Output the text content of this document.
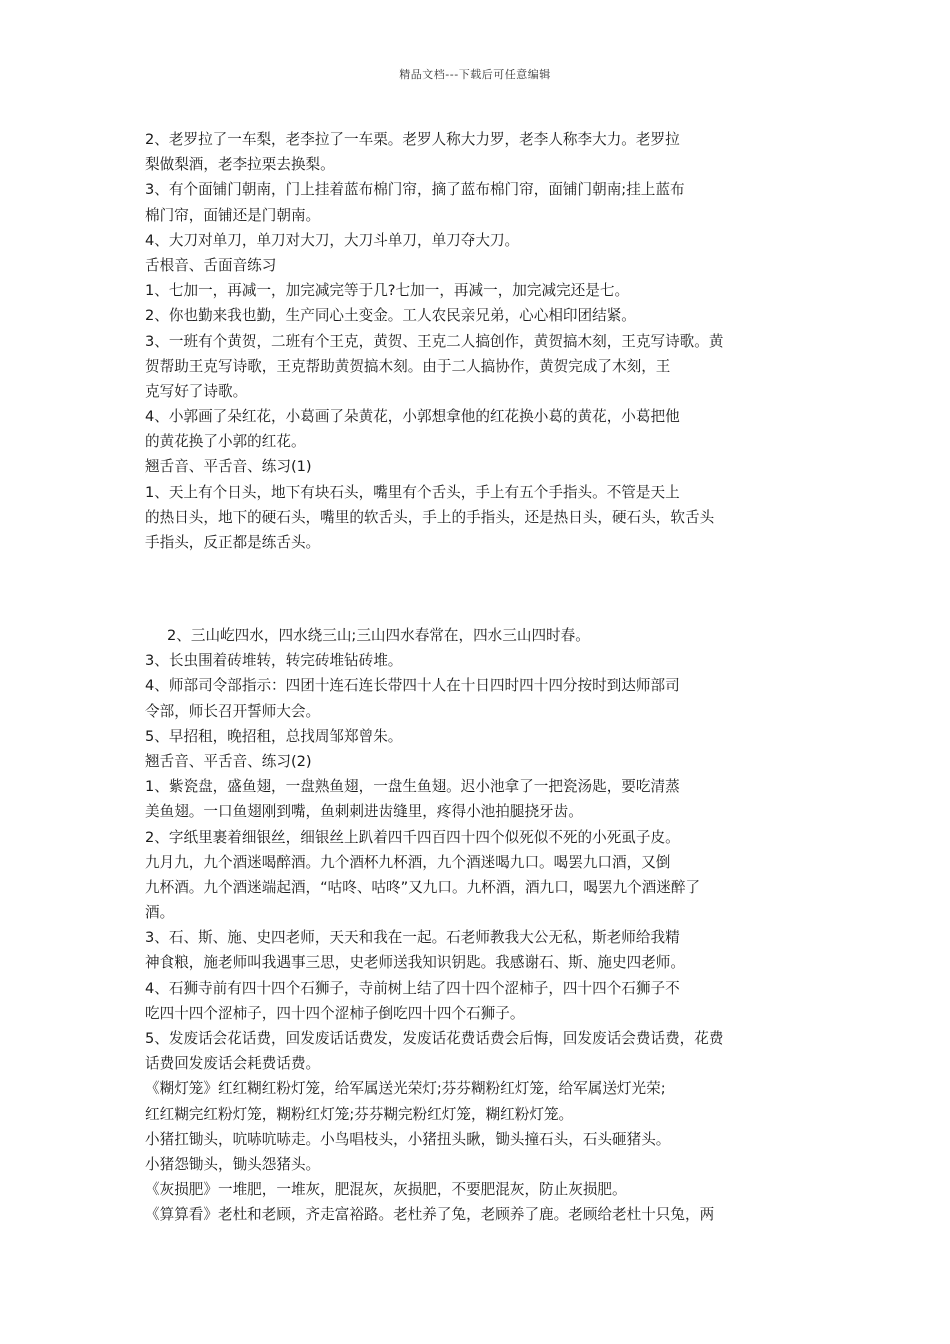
精品文档---下载后可任意编辑
2、老罗拉了一车梨，老李拉了一车栗。老罗人称大力罗，老李人称李大力。老罗拉
梨做梨酒，老李拉栗去换梨。
3、有个面铺门朝南，门上挂着蓝布棉门帘，摘了蓝布棉门帘，面铺门朝南;挂上蓝布
棉门帘，面铺还是门朝南。
4、大刀对单刀，单刀对大刀，大刀斗单刀，单刀夺大刀。
舌根音、舌面音练习
1、七加一，再减一，加完减完等于几?七加一，再减一，加完减完还是七。
2、你也勤来我也勤，生产同心土变金。工人农民亲兄弟，心心相印团结紧。
3、一班有个黄贺，二班有个王克，黄贺、王克二人搞创作，黄贺搞木刻，王克写诗歌。黄
贺帮助王克写诗歌，王克帮助黄贺搞木刻。由于二人搞协作，黄贺完成了木刻，王
克写好了诗歌。
4、小郭画了朵红花，小葛画了朵黄花，小郭想拿他的红花换小葛的黄花，小葛把他
的黄花换了小郭的红花。
翘舌音、平舌音、练习(1)
1、天上有个日头，地下有块石头，嘴里有个舌头，手上有五个手指头。不管是天上
的热日头，地下的硬石头，嘴里的软舌头，手上的手指头，还是热日头，硬石头，软舌头
手指头，反正都是练舌头。
2、三山屹四水，四水绕三山;三山四水春常在，四水三山四时春。
3、长虫围着砖堆转，转完砖堆钻砖堆。
4、师部司令部指示：四团十连石连长带四十人在十日四时四十四分按时到达师部司
令部，师长召开誓师大会。
5、早招租，晚招租，总找周邹郑曾朱。
翘舌音、平舌音、练习(2)
1、紫瓷盘，盛鱼翅，一盘熟鱼翅，一盘生鱼翅。迟小池拿了一把瓷汤匙，要吃清蒸
美鱼翅。一口鱼翅刚到嘴，鱼刺刺进齿缝里，疼得小池拍腿挠牙齿。
2、字纸里裹着细银丝，细银丝上趴着四千四百四十四个似死似不死的小死虱子皮。
九月九，九个酒迷喝醉酒。九个酒杯九杯酒，九个酒迷喝九口。喝罢九口酒，又倒
九杯酒。九个酒迷端起酒，“咕咚、咕咚”又九口。九杯酒，酒九口，喝罢九个酒迷醉了
酒。
3、石、斯、施、史四老师，天天和我在一起。石老师教我大公无私，斯老师给我精
神食粮，施老师叫我遇事三思，史老师送我知识钥匙。我感谢石、斯、施史四老师。
4、石狮寺前有四十四个石狮子，寺前树上结了四十四个涩柿子，四十四个石狮子不
吃四十四个涩柿子，四十四个涩柿子倒吃四十四个石狮子。
5、发废话会花话费，回发废话话费发，发废话花费话费会后悔，回发废话会费话费，花费
话费回发废话会耗费话费。
《糊灯笼》红红糊红粉灯笼，给军属送光荣灯;芬芬糊粉红灯笼，给军属送灯光荣;
红红糊完红粉灯笼，糊粉红灯笼;芬芬糊完粉红灯笼，糊红粉灯笼。
小猪扛锄头，吭哧吭哧走。小鸟唱枝头，小猪扭头瞅，锄头撞石头，石头砸猪头。
小猪怨锄头，锄头怨猪头。
《灰损肥》一堆肥，一堆灰，肥混灰，灰损肥，不要肥混灰，防止灰损肥。
《算算看》老杜和老顾，齐走富裕路。老杜养了兔，老顾养了鹿。老顾给老杜十只兔，两
